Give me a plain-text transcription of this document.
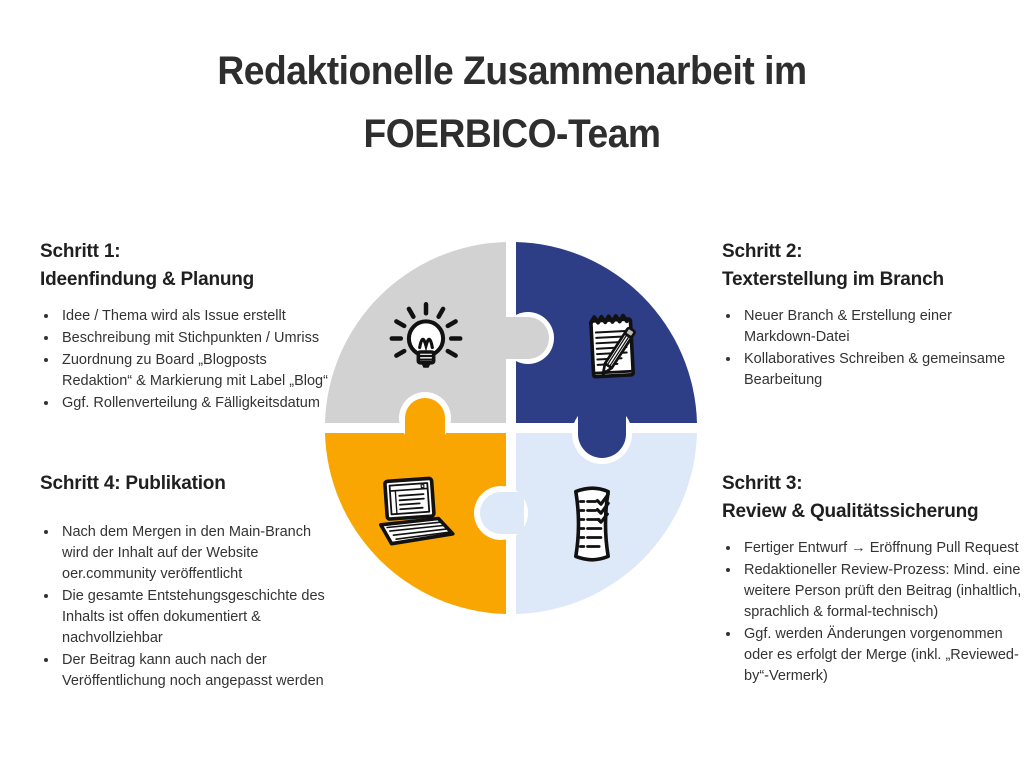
Redaktionelle Zusammenarbeit im
FOERBICO-Team
Schritt 1:
Ideenfindung & Planung
• Idee / Thema wird als Issue erstellt
• Beschreibung mit Stichpunkten / Umriss
• Zuordnung zu Board „Blogposts Redaktion“ & Markierung mit Label „Blog“
• Ggf. Rollenverteilung & Fälligkeitsdatum
Schritt 2:
Texterstellung im Branch
• Neuer Branch & Erstellung einer Markdown-Datei
• Kollaboratives Schreiben & gemeinsame Bearbeitung
Schritt 3:
Review & Qualitätssicherung
• Fertiger Entwurf → Eröffnung Pull Request
• Redaktioneller Review-Prozess: Mind. eine weitere Person prüft den Beitrag (inhaltlich, sprachlich & formal-technisch)
• Ggf. werden Änderungen vorgenommen oder es erfolgt der Merge (inkl. „Reviewed-by“-Vermerk)
Schritt 4: Publikation
• Nach dem Mergen in den Main-Branch wird der Inhalt auf der Website oer.community veröffentlicht
• Die gesamte Entstehungsgeschichte des Inhalts ist offen dokumentiert & nachvollziehbar
• Der Beitrag kann auch nach der Veröffentlichung noch angepasst werden
